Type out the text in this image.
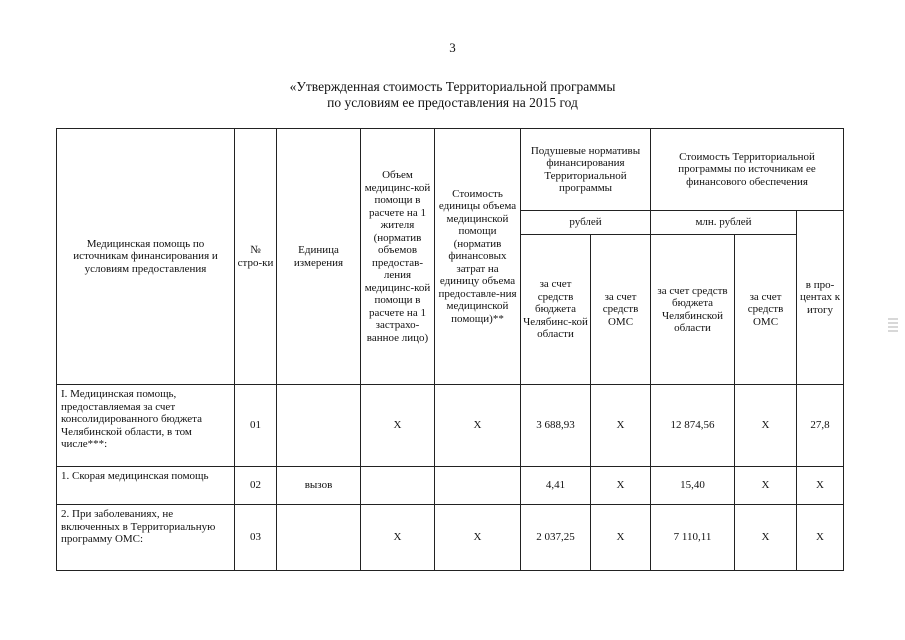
3
«Утвержденная стоимость Территориальной программы
по условиям ее предоставления на 2015 год
Медицинская помощь по источникам финансирования и условиям предоставления	№ стро-ки	Единица измерения	Объем медицинс-кой помощи в расчете на 1 жителя (норматив объемов предостав-ления медицинс-кой помощи в расчете на 1 застрахо-ванное лицо)	Стоимость единицы объема медицинской помощи (норматив финансовых затрат на единицу объема предоставле-ния медицинской помощи)**	Подушевые нормативы финансирования Территориальной программы		Стоимость Территориальной программы по источникам ее финансового обеспечения		
					рублей		млн. рублей		в про-центах к итогу
					за счет средств бюджета Челябинс-кой области	за счет средств ОМС	за счет средств бюджета Челябинской области	за счет средств ОМС	
I. Медицинская помощь, предоставляемая за счет консолидированного бюджета Челябинской области, в том числе***:	01		X	X	3 688,93	X	12 874,56	X	27,8
1. Скорая медицинская помощь	02	вызов			4,41	X	15,40	X	X
2. При заболеваниях, не включенных в Территориальную программу ОМС:	03		X	X	2 037,25	X	7 110,11	X	X
